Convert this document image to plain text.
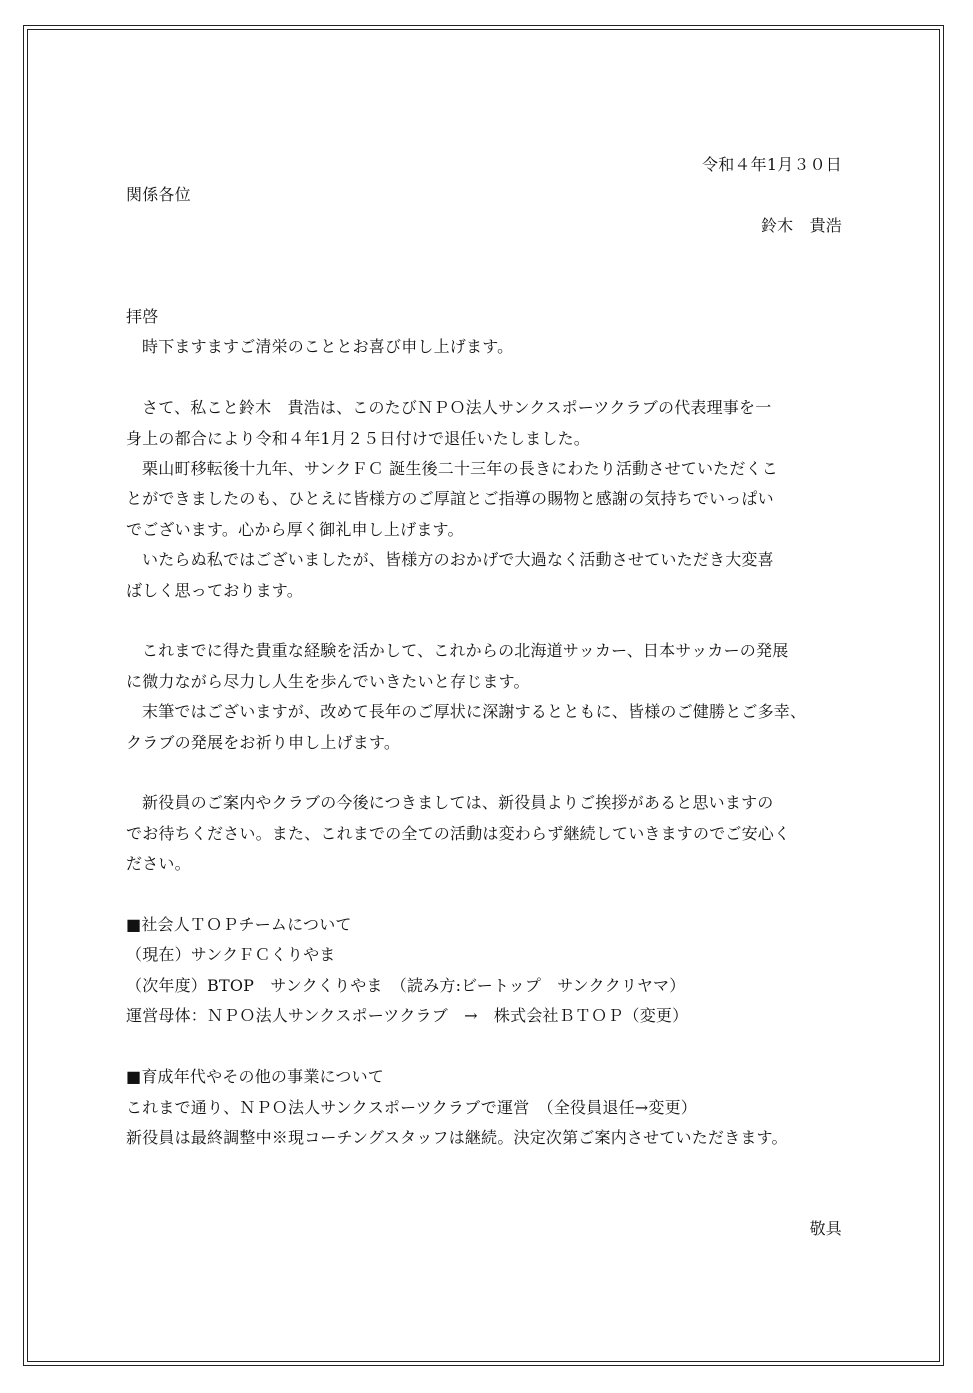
令和４年1月３０日
関係各位
鈴木　貴浩
拝啓
時下ますますご清栄のこととお喜び申し上げます。
さて、私こと鈴木　貴浩は、このたびＮＰＯ法人サンクスポーツクラブの代表理事を一
身上の都合により令和４年1月２５日付けで退任いたしました。
栗山町移転後十九年、サンクＦＣ 誕生後二十三年の長きにわたり活動させていただくこ
とができましたのも、ひとえに皆様方のご厚誼とご指導の賜物と感謝の気持ちでいっぱい
でございます。心から厚く御礼申し上げます。
いたらぬ私ではございましたが、皆様方のおかげで大過なく活動させていただき大変喜
ばしく思っております。
これまでに得た貴重な経験を活かして、これからの北海道サッカー、日本サッカーの発展
に微力ながら尽力し人生を歩んでいきたいと存じます。
末筆ではございますが、改めて長年のご厚状に深謝するとともに、皆様のご健勝とご多幸、
クラブの発展をお祈り申し上げます。
新役員のご案内やクラブの今後につきましては、新役員よりご挨拶があると思いますの
でお待ちください。また、これまでの全ての活動は変わらず継続していきますのでご安心く
ださい。
■社会人ＴＯＰチームについて
（現在）サンクＦＣくりやま
（次年度）BTOP　サンクくりやま　（読み方:ビートップ　サンククリヤマ）
運営母体：ＮＰＯ法人サンクスポーツクラブ　→　株式会社ＢＴＯＰ（変更）
■育成年代やその他の事業について
これまで通り、ＮＰＯ法人サンクスポーツクラブで運営　（全役員退任→変更）
新役員は最終調整中※現コーチングスタッフは継続。決定次第ご案内させていただきます。
敬具
